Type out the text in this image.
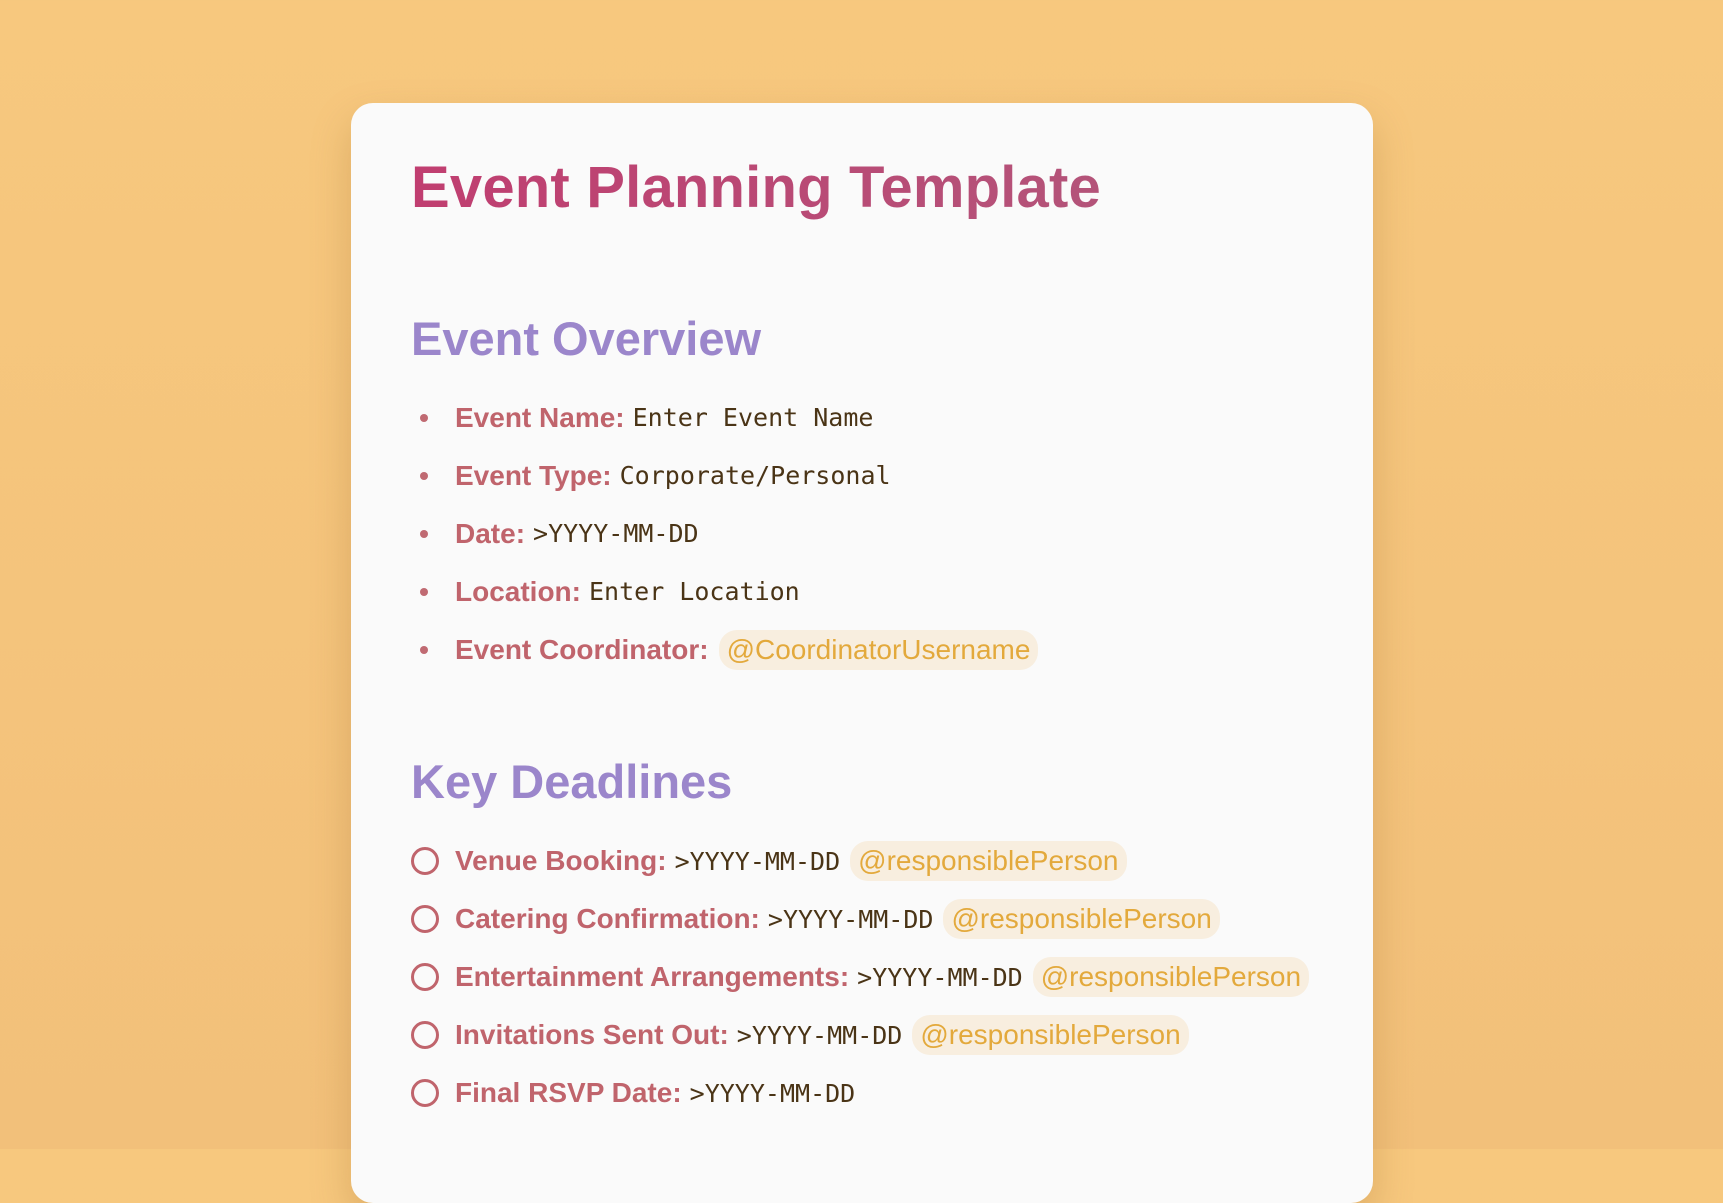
Event Planning Template
Event Overview
Event Name: Enter Event Name
Event Type: Corporate/Personal
Date: >YYYY-MM-DD
Location: Enter Location
Event Coordinator: @CoordinatorUsername
Key Deadlines
Venue Booking: >YYYY-MM-DD @responsiblePerson
Catering Confirmation: >YYYY-MM-DD @responsiblePerson
Entertainment Arrangements: >YYYY-MM-DD @responsiblePerson
Invitations Sent Out: >YYYY-MM-DD @responsiblePerson
Final RSVP Date: >YYYY-MM-DD
